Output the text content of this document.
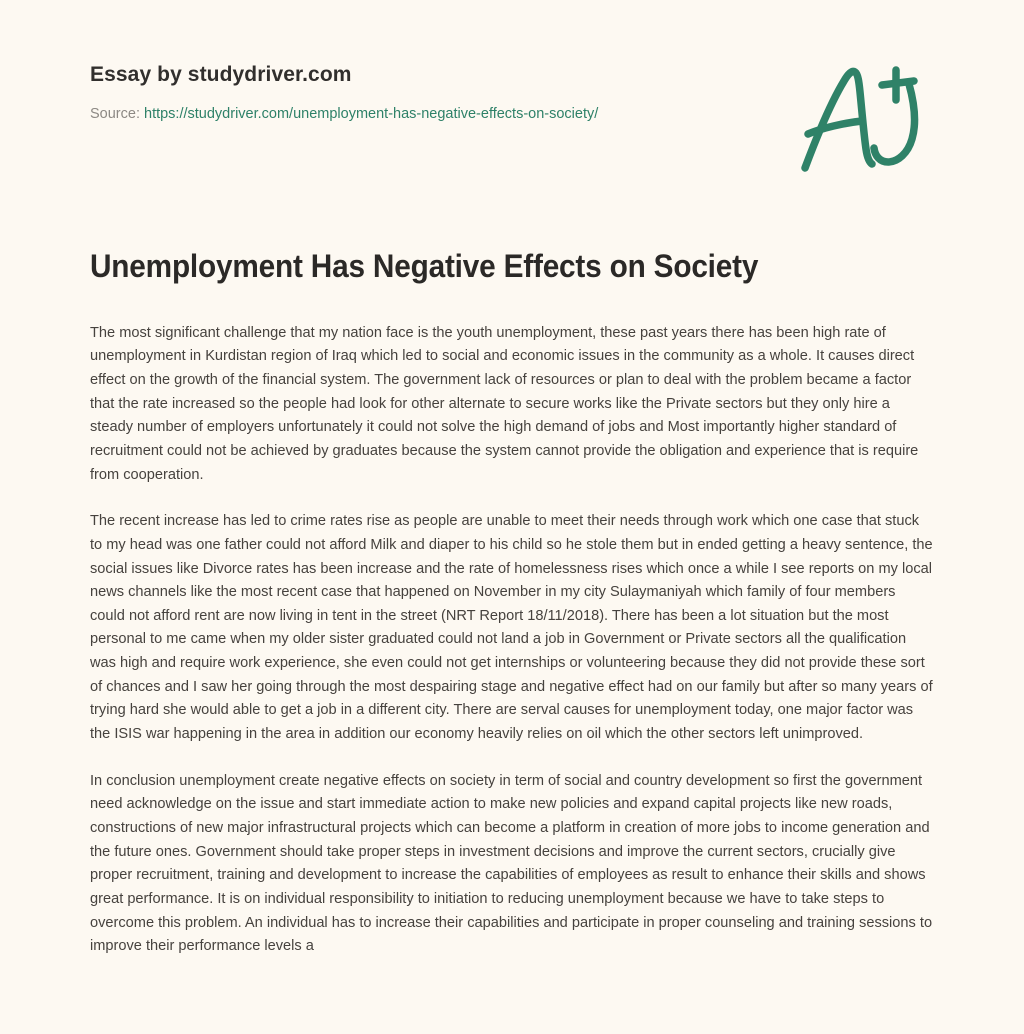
Essay by studydriver.com
Source: https://studydriver.com/unemployment-has-negative-effects-on-society/
Unemployment Has Negative Effects on Society

The most significant challenge that my nation face is the youth unemployment, these past years there has been high rate of unemployment in Kurdistan region of Iraq which led to social and economic issues in the community as a whole. It causes direct effect on the growth of the financial system. The government lack of resources or plan to deal with the problem became a factor that the rate increased so the people had look for other alternate to secure works like the Private sectors but they only hire a steady number of employers unfortunately it could not solve the high demand of jobs and Most importantly higher standard of recruitment could not be achieved by graduates because the system cannot provide the obligation and experience that is require from cooperation.

The recent increase has led to crime rates rise as people are unable to meet their needs through work which one case that stuck to my head was one father could not afford Milk and diaper to his child so he stole them but in ended getting a heavy sentence, the social issues like Divorce rates has been increase and the rate of homelessness rises which once a while I see reports on my local news channels like the most recent case that happened on November in my city Sulaymaniyah which family of four members could not afford rent are now living in tent in the street (NRT Report 18/11/2018). There has been a lot situation but the most personal to me came when my older sister graduated could not land a job in Government or Private sectors all the qualification was high and require work experience, she even could not get internships or volunteering because they did not provide these sort of chances and I saw her going through the most despairing stage and negative effect had on our family but after so many years of trying hard she would able to get a job in a different city. There are serval causes for unemployment today, one major factor was the ISIS war happening in the area in addition our economy heavily relies on oil which the other sectors left unimproved.

In conclusion unemployment create negative effects on society in term of social and country development so first the government need acknowledge on the issue and start immediate action to make new policies and expand capital projects like new roads, constructions of new major infrastructural projects which can become a platform in creation of more jobs to income generation and the future ones. Government should take proper steps in investment decisions and improve the current sectors, crucially give proper recruitment, training and development to increase the capabilities of employees as result to enhance their skills and shows great performance. It is on individual responsibility to initiation to reducing unemployment because we have to take steps to overcome this problem. An individual has to increase their capabilities and participate in proper counseling and training sessions to improve their performance levels a
